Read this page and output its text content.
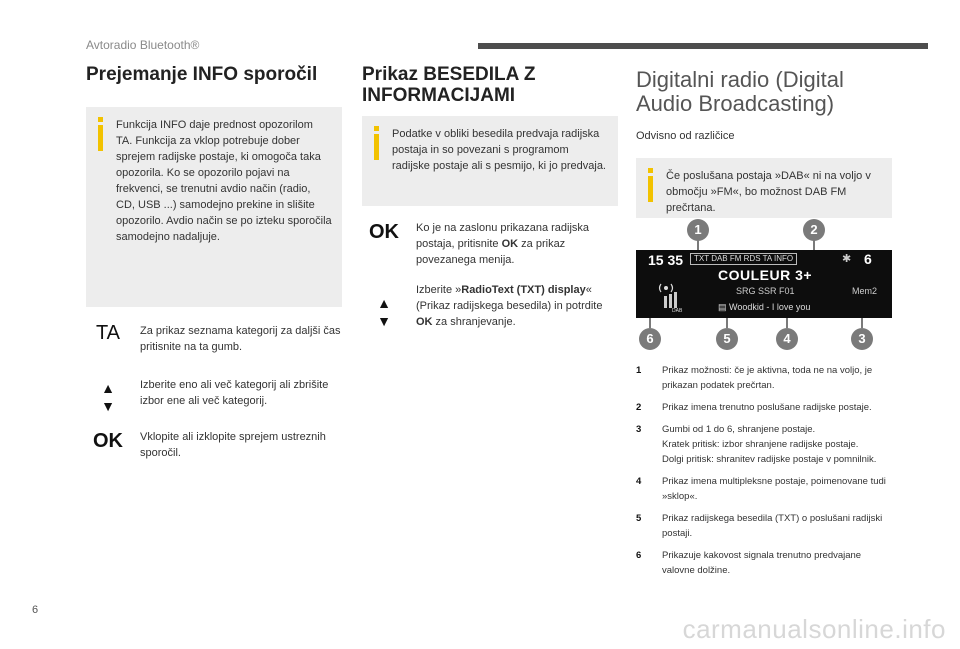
Avtoradio Bluetooth®
Prejemanje INFO sporočil
Funkcija INFO daje prednost opozorilom TA. Funkcija za vklop potrebuje dober sprejem radijske postaje, ki omogoča taka opozorila. Ko se opozorilo pojavi na frekvenci, se trenutni avdio način (radio, CD, USB ...) samodejno prekine in slišite opozorilo. Avdio način se po izteku sporočila samodejno nadaljuje.
TA	Za prikaz seznama kategorij za daljši čas pritisnite na ta gumb.
▲
▼
Izberite eno ali več kategorij ali zbrišite izbor ene ali več kategorij.
OK	Vklopite ali izklopite sprejem ustreznih sporočil.
Prikaz BESEDILA Z
INFORMACIJAMI
Podatke v obliki besedila predvaja radijska postaja in so povezani s programom radijske postaje ali s pesmijo, ki jo predvaja.
OK	Ko je na zaslonu prikazana radijska postaja, pritisnite OK za prikaz povezanega menija.
▲
▼
Izberite »RadioText (TXT) display« (Prikaz radijskega besedila) in potrdite OK za shranjevanje.
Digitalni radio (Digital
Audio Broadcasting)
Odvisno od različice
Če poslušana postaja »DAB« ni na voljo v območju »FM«, bo možnost DAB FM prečrtana.
15 35	TXT DAB FM RDS TA INFO	✱ 6
COULEUR 3+
SRG SSR F01	Mem2
▤ Woodkid - I love you
DAB
1	2
6	5	4	3
1 Prikaz možnosti: če je aktivna, toda ne na voljo, je prikazan podatek prečrtan.
2 Prikaz imena trenutno poslušane radijske postaje.
3 Gumbi od 1 do 6, shranjene postaje.
Kratek pritisk: izbor shranjene radijske postaje.
Dolgi pritisk: shranitev radijske postaje v pomnilnik.
4 Prikaz imena multipleksne postaje, poimenovane tudi »sklop«.
5 Prikaz radijskega besedila (TXT) o poslušani radijski postaji.
6 Prikazuje kakovost signala trenutno predvajane valovne dolžine.
6
carmanualsonline.info
